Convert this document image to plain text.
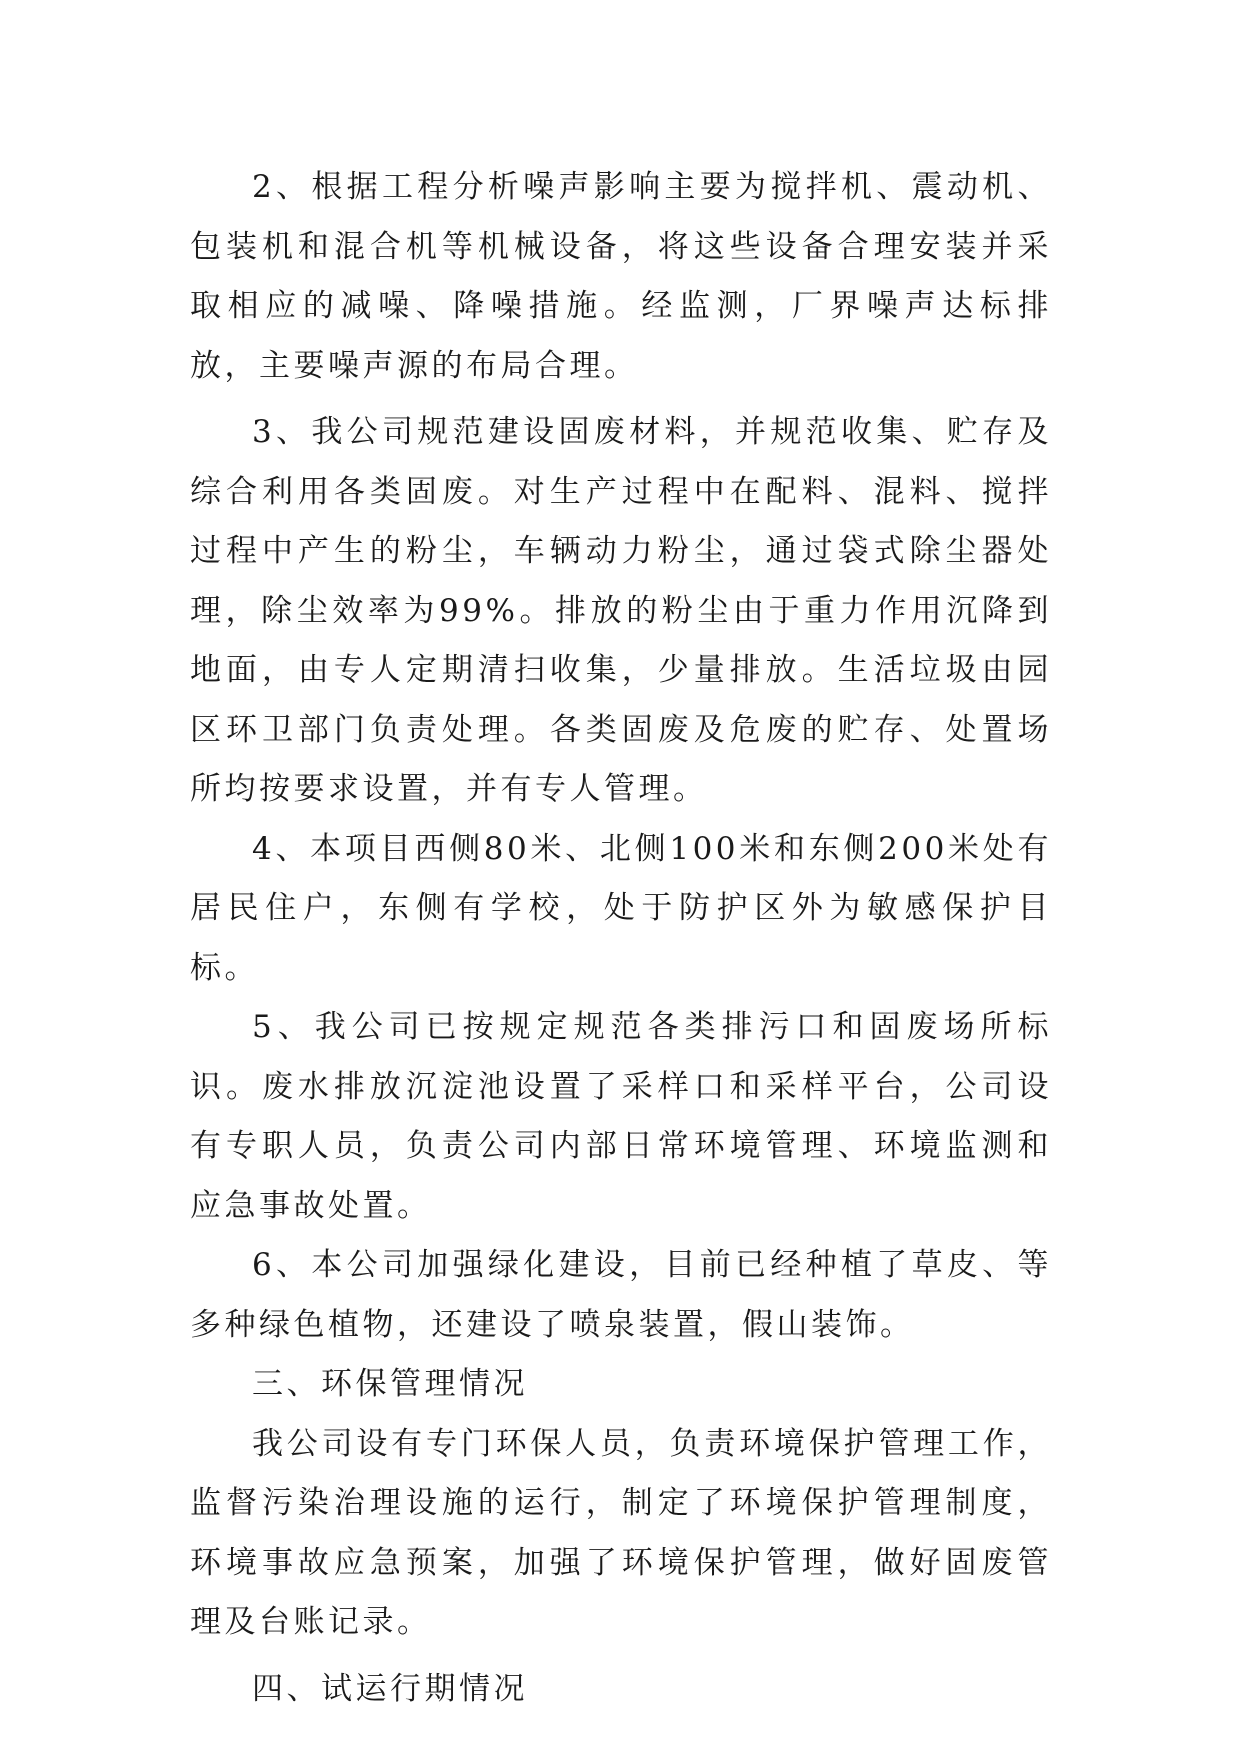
2、根据工程分析噪声影响主要为搅拌机、震动机、包装机和混合机等机械设备，将这些设备合理安装并采取相应的减噪、降噪措施。经监测，厂界噪声达标排放，主要噪声源的布局合理。

3、我公司规范建设固废材料，并规范收集、贮存及综合利用各类固废。对生产过程中在配料、混料、搅拌过程中产生的粉尘，车辆动力粉尘，通过袋式除尘器处理，除尘效率为99%。排放的粉尘由于重力作用沉降到地面，由专人定期清扫收集，少量排放。生活垃圾由园区环卫部门负责处理。各类固废及危废的贮存、处置场所均按要求设置，并有专人管理。

4、本项目西侧80米、北侧100米和东侧200米处有居民住户，东侧有学校，处于防护区外为敏感保护目标。

5、我公司已按规定规范各类排污口和固废场所标识。废水排放沉淀池设置了采样口和采样平台，公司设有专职人员，负责公司内部日常环境管理、环境监测和应急事故处置。

6、本公司加强绿化建设，目前已经种植了草皮、等多种绿色植物，还建设了喷泉装置，假山装饰。

三、环保管理情况

我公司设有专门环保人员，负责环境保护管理工作，监督污染治理设施的运行，制定了环境保护管理制度，环境事故应急预案，加强了环境保护管理，做好固废管理及台账记录。

四、试运行期情况
